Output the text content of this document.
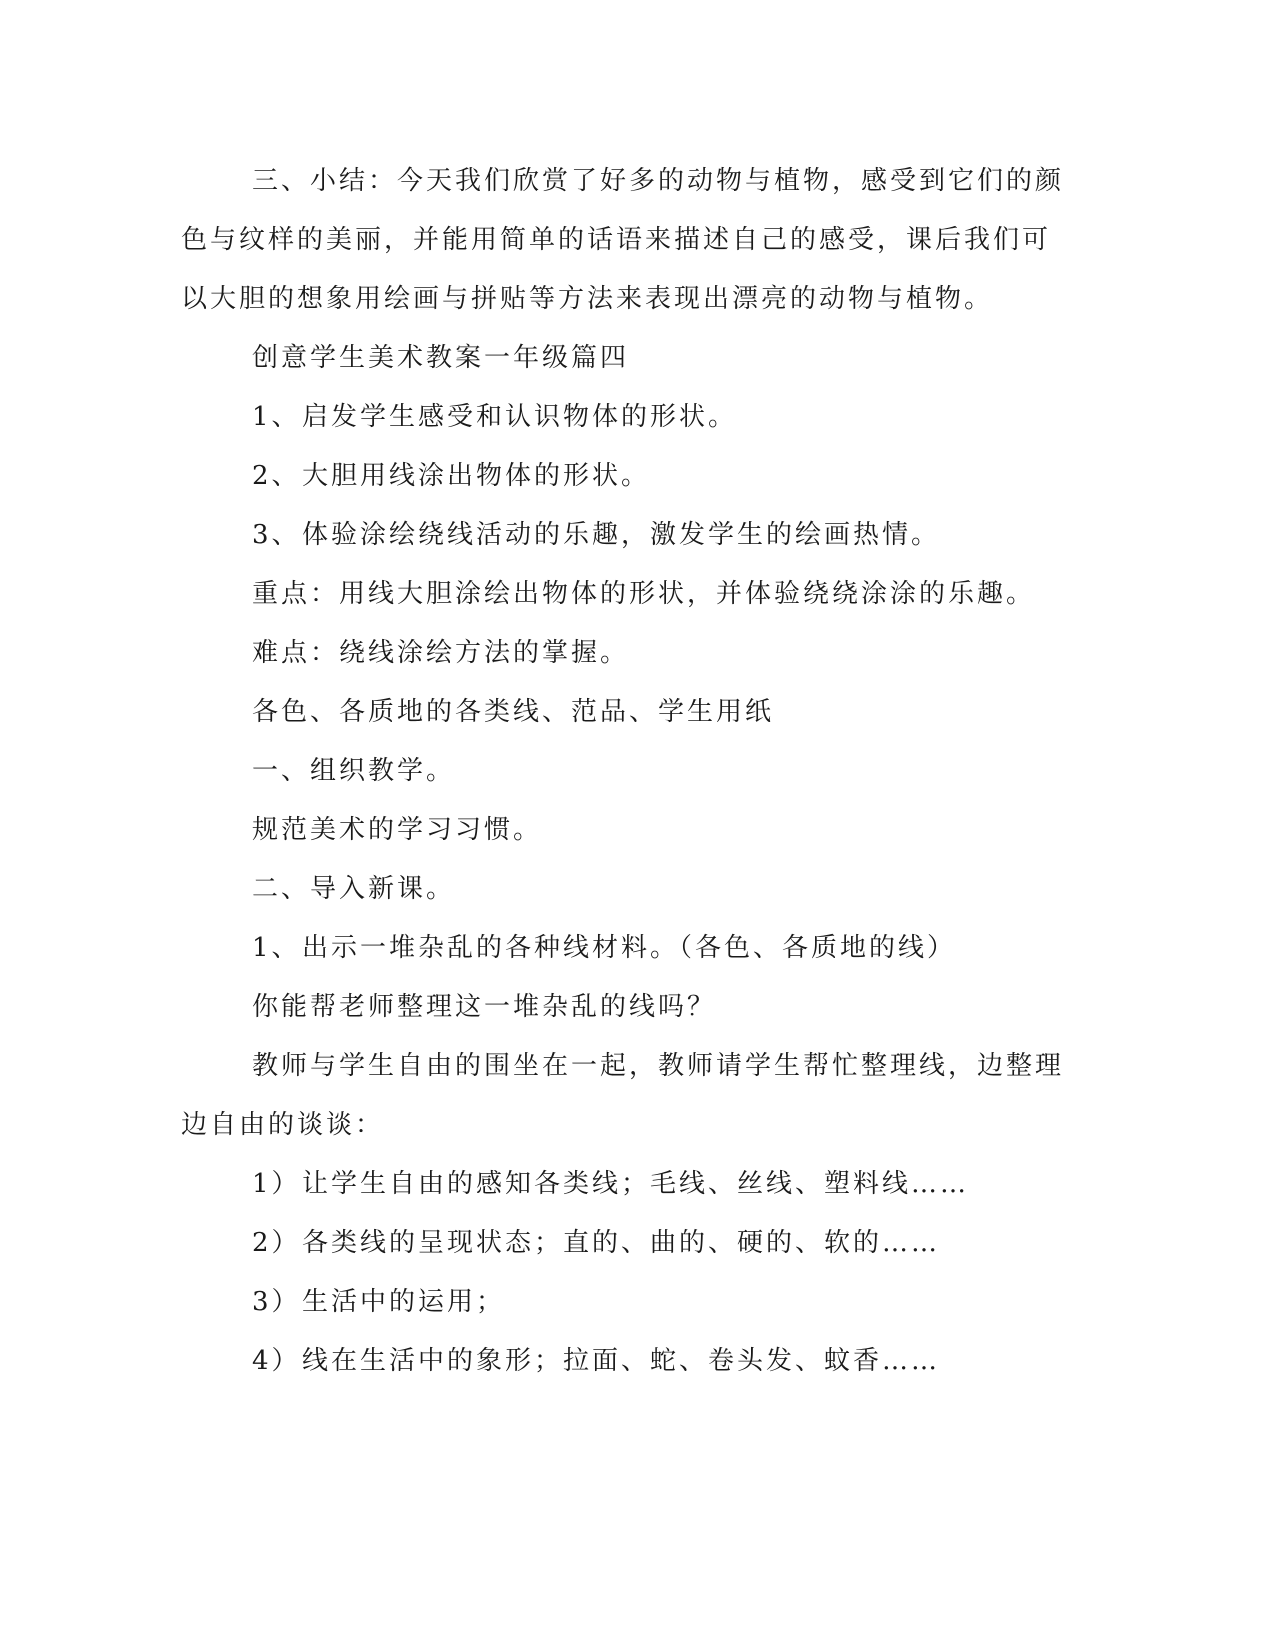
三、小结：今天我们欣赏了好多的动物与植物，感受到它们的颜
色与纹样的美丽，并能用简单的话语来描述自己的感受，课后我们可
以大胆的想象用绘画与拼贴等方法来表现出漂亮的动物与植物。
创意学生美术教案一年级篇四
1、启发学生感受和认识物体的形状。
2、大胆用线涂出物体的形状。
3、体验涂绘绕线活动的乐趣，激发学生的绘画热情。
重点：用线大胆涂绘出物体的形状，并体验绕绕涂涂的乐趣。
难点：绕线涂绘方法的掌握。
各色、各质地的各类线、范品、学生用纸
一、组织教学。
规范美术的学习习惯。
二、导入新课。
1、出示一堆杂乱的各种线材料。（各色、各质地的线）
你能帮老师整理这一堆杂乱的线吗？
教师与学生自由的围坐在一起，教师请学生帮忙整理线，边整理
边自由的谈谈：
1）让学生自由的感知各类线；毛线、丝线、塑料线……
2）各类线的呈现状态；直的、曲的、硬的、软的……
3）生活中的运用；
4）线在生活中的象形；拉面、蛇、卷头发、蚊香……
